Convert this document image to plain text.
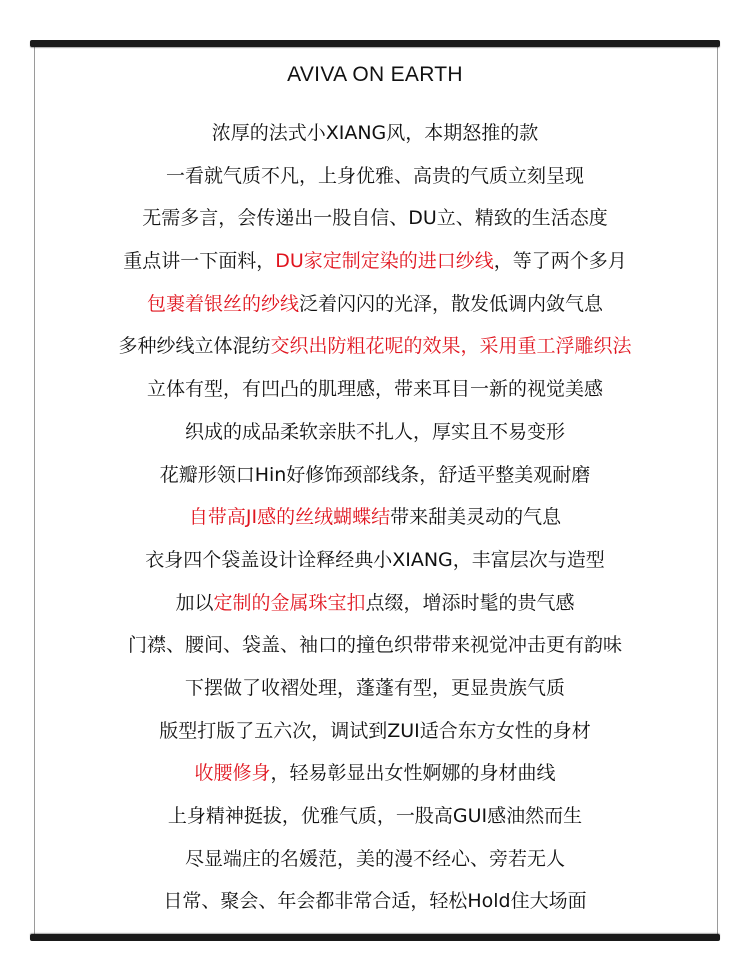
AVIVA ON EARTH
浓厚的法式小XIANG风，本期怒推的款
一看就气质不凡，上身优雅、高贵的气质立刻呈现
无需多言，会传递出一股自信、DU立、精致的生活态度
重点讲一下面料，DU家定制定染的进口纱线，等了两个多月
包裹着银丝的纱线泛着闪闪的光泽，散发低调内敛气息
多种纱线立体混纺交织出防粗花呢的效果，采用重工浮雕织法
立体有型，有凹凸的肌理感，带来耳目一新的视觉美感
织成的成品柔软亲肤不扎人，厚实且不易变形
花瓣形领口Hin好修饰颈部线条，舒适平整美观耐磨
自带高JI感的丝绒蝴蝶结带来甜美灵动的气息
衣身四个袋盖设计诠释经典小XIANG，丰富层次与造型
加以定制的金属珠宝扣点缀，增添时髦的贵气感
门襟、腰间、袋盖、袖口的撞色织带带来视觉冲击更有韵味
下摆做了收褶处理，蓬蓬有型，更显贵族气质
版型打版了五六次，调试到ZUI适合东方女性的身材
收腰修身，轻易彰显出女性婀娜的身材曲线
上身精神挺拔，优雅气质，一股高GUI感油然而生
尽显端庄的名媛范，美的漫不经心、旁若无人
日常、聚会、年会都非常合适，轻松Hold住大场面
